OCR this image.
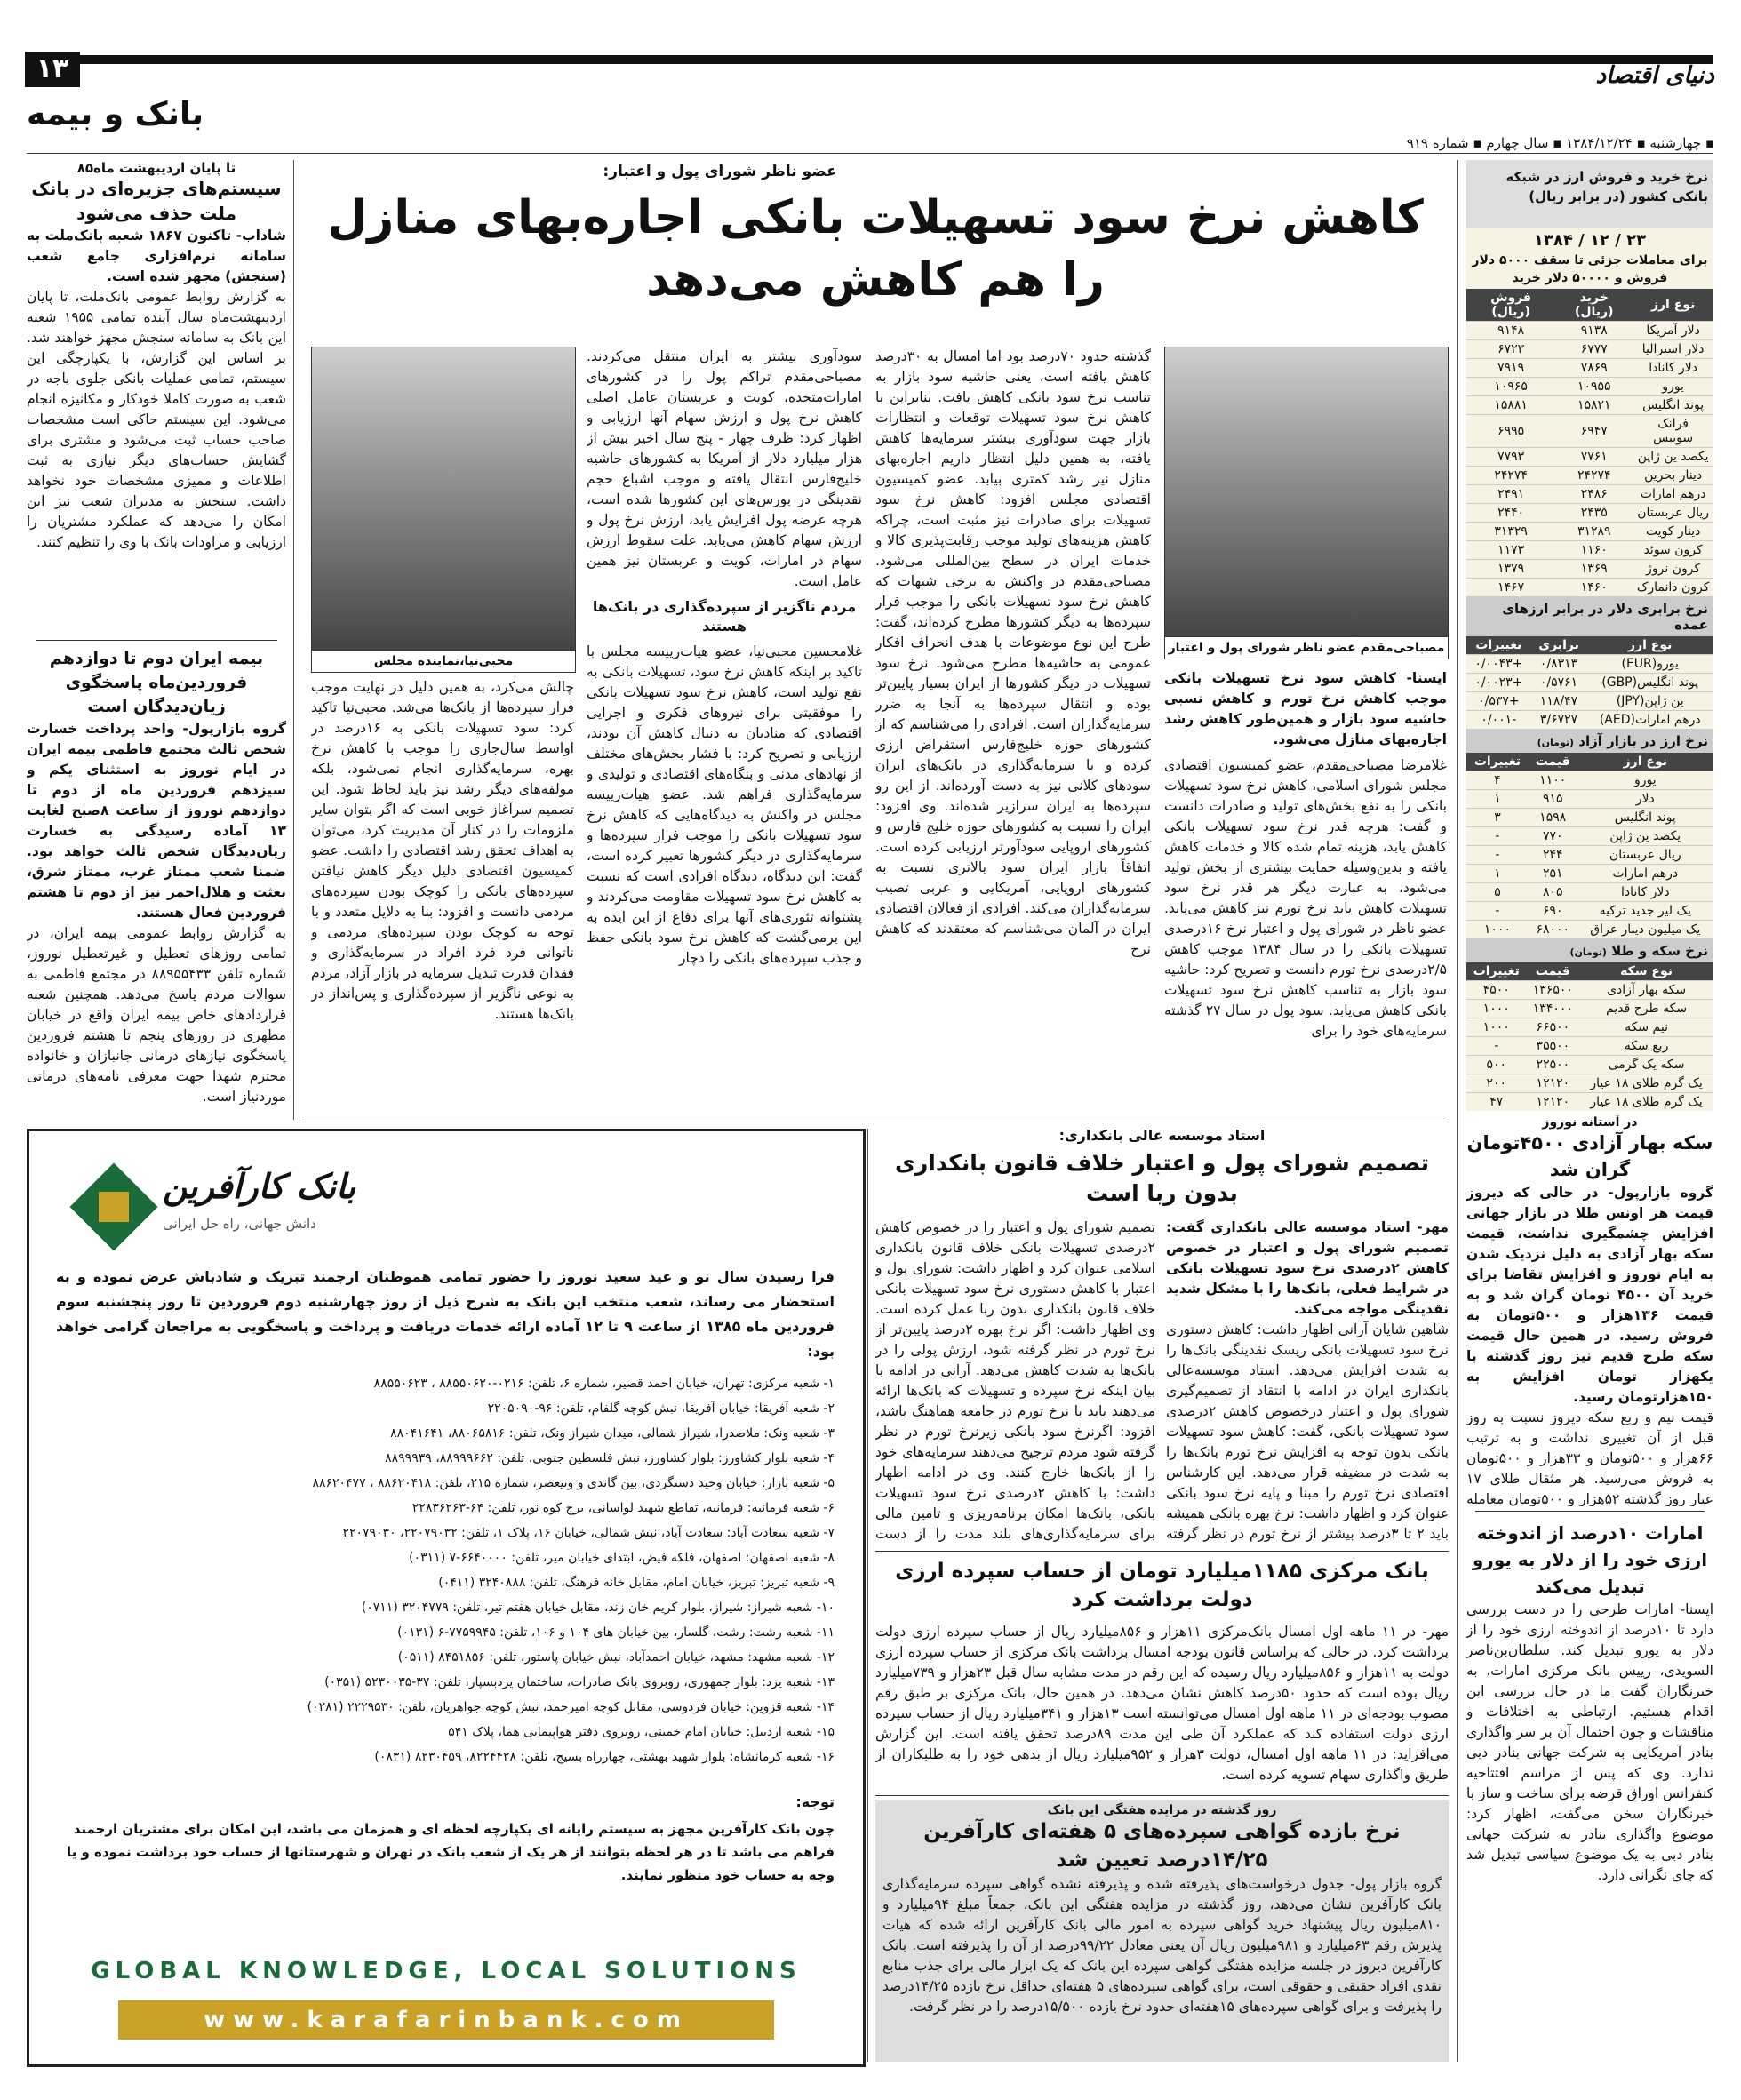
۱۳
بانک و بیمه
دنیای اقتصاد
▪ چهارشنبه ▪ ۱۳۸۴/۱۲/۲۴ ▪ سال چهارم ▪ شماره ۹۱۹
نرخ خرید و فروش ارز در شبکه بانکی کشور (در برابر ریال)
۲۳ / ۱۲ / ۱۳۸۴
برای معاملات جزئی تا سقف ۵۰۰۰ دلار فروش و ۵۰۰۰۰ دلار خرید
نوع ارز	خرید (ریال)	فروش (ریال)
دلار آمریکا	۹۱۳۸	۹۱۴۸
دلار استرالیا	۶۷۷۷	۶۷۲۳
دلار کانادا	۷۸۶۹	۷۹۱۹
یورو	۱۰۹۵۵	۱۰۹۶۵
پوند انگلیس	۱۵۸۲۱	۱۵۸۸۱
فرانک سوییس	۶۹۴۷	۶۹۹۵
یکصد ین ژاپن	۷۷۶۱	۷۷۹۳
دینار بحرین	۲۴۲۷۴	۲۴۲۷۴
درهم امارات	۲۴۸۶	۲۴۹۱
ریال عربستان	۲۴۳۵	۲۴۴۰
دینار کویت	۳۱۲۸۹	۳۱۳۲۹
کرون سوئد	۱۱۶۰	۱۱۷۳
کرون نروژ	۱۳۶۹	۱۳۷۹
کرون دانمارک	۱۴۶۰	۱۴۶۷
نرخ برابری دلار در برابر ارزهای عمده
نوع ارز	برابری	تغییرات
یورو(EUR)	۰/۸۳۱۳	+۰/۰۰۴۳
پوند انگلیس(GBP)	۰/۵۷۶۱	+۰/۰۰۲۳
ین ژاپن(JPY)	۱۱۸/۴۷	+۰/۵۳۷
درهم امارات(AED)	۳/۶۷۲۷	-۰/۰۰۱
نرخ ارز در بازار آزاد (تومان)
نوع ارز	قیمت	تغییرات
یورو	۱۱۰۰	۴
دلار	۹۱۵	۱
پوند انگلیس	۱۵۹۸	۳
یکصد ین ژاپن	۷۷۰	-
ریال عربستان	۲۴۴	-
درهم امارات	۲۵۱	۱
دلار کانادا	۸۰۵	۵
یک لیر جدید ترکیه	۶۹۰	-
یک میلیون دینار عراق	۶۸۰۰۰	۱۰۰۰
نرخ سکه و طلا (تومان)
نوع سکه	قیمت	تغییرات
سکه بهار آزادی	۱۳۶۵۰۰	۴۵۰۰
سکه طرح قدیم	۱۳۴۰۰۰	۱۰۰۰
نیم سکه	۶۶۵۰۰	۱۰۰۰
ربع سکه	۳۵۵۰۰	-
سکه یک گرمی	۲۲۵۰۰	۵۰۰
یک گرم طلای ۱۸ عیار	۱۲۱۲۰	۲۰۰
یک گرم طلای ۱۸ عیار	۱۲۱۲۰	۴۷

در آستانه نوروز
سکه بهار آزادی ۴۵۰۰تومان گران شد
گروه بازارپول- در حالی که دیروز قیمت هر اونس طلا در بازار جهانی افزایش چشمگیری نداشت، قیمت سکه بهار آزادی به دلیل نزدیک شدن به ایام نوروز و افزایش تقاضا برای خرید آن ۴۵۰۰ تومان گران شد و به قیمت ۱۳۶هزار و ۵۰۰تومان به فروش رسید. در همین حال قیمت سکه طرح قدیم نیز روز گذشته با یکهزار تومان افزایش به ۱۵۰هزارتومان رسید.
قیمت نیم و ربع سکه دیروز نسبت به روز قبل از آن تغییری نداشت و به ترتیب ۶۶هزار و ۵۰۰تومان و ۳۳هزار و ۵۰۰تومان به فروش می‌رسید. هر مثقال طلای ۱۷ عیار روز گذشته ۵۲هزار و ۵۰۰تومان معامله
امارات ۱۰درصد از اندوخته ارزی خود را از دلار به یورو تبدیل می‌کند
ایسنا- امارات طرحی را در دست بررسی دارد تا ۱۰درصد از اندوخته ارزی خود را از دلار به یورو تبدیل کند. سلطان‌بن‌ناصر السویدی، رییس بانک مرکزی امارات، به خبرنگاران گفت ما در حال بررسی این اقدام هستیم. ارتباطی به اختلافات و مناقشات و چون احتمال آن بر سر واگذاری بنادر آمریکایی به شرکت جهانی بنادر دبی ندارد. وی که پس از مراسم افتتاحیه کنفرانس اوراق قرضه برای ساخت و ساز با خبرنگاران سخن می‌گفت، اظهار کرد: موضوع واگذاری بنادر به شرکت جهانی بنادر دبی به یک موضوع سیاسی تبدیل شد که جای نگرانی دارد.
عضو ناظر شورای پول و اعتبار:
کاهش نرخ سود تسهیلات بانکی اجاره‌بهای منازل
را هم کاهش می‌دهد
مصباحی‌مقدم عضو ناظر شورای پول و اعتبار
ایسنا- کاهش سود نرخ تسهیلات بانکی موجب کاهش نرخ تورم و کاهش نسبی حاشیه سود بازار و همین‌طور کاهش رشد اجاره‌بهای منازل می‌شود.
غلامرضا مصباحی‌مقدم، عضو کمیسیون اقتصادی مجلس شورای اسلامی، کاهش نرخ سود تسهیلات بانکی را به نفع بخش‌های تولید و صادرات دانست و گفت: هرچه قدر نرخ سود تسهیلات بانکی کاهش یابد، هزینه تمام شده کالا و خدمات کاهش یافته و بدین‌وسیله حمایت بیشتری از بخش تولید می‌شود، به عبارت دیگر هر قدر نرخ سود تسهیلات کاهش یابد نرخ تورم نیز کاهش می‌یابد. عضو ناظر در شورای پول و اعتبار نرخ ۱۶درصدی تسهیلات بانکی را در سال ۱۳۸۴ موجب کاهش ۲/۵درصدی نرخ تورم دانست و تصریح کرد: حاشیه سود بازار به تناسب کاهش نرخ سود تسهیلات بانکی کاهش می‌یابد. سود پول در سال ۲۷ گذشته سرمایه‌های خود را برای
گذشته حدود ۷۰درصد بود اما امسال به ۳۰درصد کاهش یافته است، یعنی حاشیه سود بازار به تناسب نرخ سود بانکی کاهش یافت. بنابراین با کاهش نرخ سود تسهیلات توقعات و انتظارات بازار جهت سودآوری بیشتر سرمایه‌ها کاهش یافته، به همین دلیل انتظار داریم اجاره‌بهای منازل نیز رشد کمتری بیابد. عضو کمیسیون اقتصادی مجلس افزود: کاهش نرخ سود تسهیلات برای صادرات نیز مثبت است، چراکه کاهش هزینه‌های تولید موجب رقابت‌پذیری کالا و خدمات ایران در سطح بین‌المللی می‌شود. مصباحی‌مقدم در واکنش به برخی شبهات که کاهش نرخ سود تسهیلات بانکی را موجب فرار سپرده‌ها به دیگر کشورها مطرح کرده‌اند، گفت: طرح این نوع موضوعات با هدف انحراف افکار عمومی به حاشیه‌ها مطرح می‌شود. نرخ سود تسهیلات در دیگر کشورها از ایران بسیار پایین‌تر بوده و انتقال سپرده‌ها به آنجا به ضرر سرمایه‌گذاران است. افرادی را می‌شناسم که از کشورهای حوزه خلیج‌فارس استقراض ارزی کرده و با سرمایه‌گذاری در بانک‌های ایران سودهای کلانی نیز به دست آورده‌اند. از این رو سپرده‌ها به ایران سرازیر شده‌اند. وی افزود: ایران را نسبت به کشورهای حوزه خلیج فارس و کشورهای اروپایی سودآورتر ارزیابی کرده است. اتفاقاً بازار ایران سود بالاتری نسبت به کشورهای اروپایی، آمریکایی و عربی تصیب سرمایه‌گذاران می‌کند. افرادی از فعالان اقتصادی ایران در آلمان می‌شناسم که معتقدند که کاهش نرخ
سودآوری بیشتر به ایران منتقل می‌کردند. مصباحی‌مقدم تراکم پول را در کشورهای امارات‌متحده، کویت و عربستان عامل اصلی کاهش نرخ پول و ارزش سهام آنها ارزیابی و اظهار کرد: ظرف چهار - پنج سال اخیر بیش از هزار میلیارد دلار از آمریکا به کشورهای حاشیه خلیج‌فارس انتقال یافته و موجب اشباع حجم نقدینگی در بورس‌های این کشورها شده است، هرچه عرضه پول افزایش یابد، ارزش نرخ پول و ارزش سهام کاهش می‌یابد. علت سقوط ارزش سهام در امارات، کویت و عربستان نیز همین عامل است.
مردم ناگزیر از سپرده‌گذاری در بانک‌ها هستند
غلامحسین محبی‌نیا، عضو هیات‌رییسه مجلس با تاکید بر اینکه کاهش نرخ سود، تسهیلات بانکی به نفع تولید است، کاهش نرخ سود تسهیلات بانکی را موفقیتی برای نیروهای فکری و اجرایی اقتصادی که منادیان به دنبال کاهش آن بودند، ارزیابی و تصریح کرد: با فشار بخش‌های مختلف از نهادهای مدنی و بنگاه‌های اقتصادی و تولیدی و سرمایه‌گذاری فراهم شد. عضو هیات‌رییسه مجلس در واکنش به دیدگاه‌هایی که کاهش نرخ سود تسهیلات بانکی را موجب فرار سپرده‌ها و سرمایه‌گذاری در دیگر کشورها تعبیر کرده است، گفت: این دیدگاه، دیدگاه افرادی است که نسبت به کاهش نرخ سود تسهیلات مقاومت می‌کردند و پشتوانه تئوری‌های آنها برای دفاع از این ایده به این برمی‌گشت که کاهش نرخ سود بانکی حفظ و جذب سپرده‌های بانکی را دچار
محبی‌نیا،نماینده مجلس
چالش می‌کرد، به همین دلیل در نهایت موجب فرار سپرده‌ها از بانک‌ها می‌شد. محبی‌نیا تاکید کرد: سود تسهیلات بانکی به ۱۶درصد در اواسط سال‌جاری را موجب با کاهش نرخ بهره، سرمایه‌گذاری انجام نمی‌شود، بلکه مولفه‌های دیگر رشد نیز باید لحاظ شود. این تصمیم سرآغاز خوبی است که اگر بتوان سایر ملزومات را در کنار آن مدیریت کرد، می‌توان به اهداف تحقق رشد اقتصادی را داشت. عضو کمیسیون اقتصادی دلیل دیگر کاهش نیافتن سپرده‌های بانکی را کوچک بودن سپرده‌های مردمی دانست و افزود: بنا به دلایل متعدد و با توجه به کوچک بودن سپرده‌های مردمی و ناتوانی فرد فرد افراد در سرمایه‌گذاری و فقدان قدرت تبدیل سرمایه در بازار آزاد، مردم به نوعی ناگزیر از سپرده‌گذاری و پس‌انداز در بانک‌ها هستند.
تا پایان اردیبهشت ماه۸۵
سیستم‌های جزیره‌ای در بانک ملت حذف می‌شود
شاداب- تاکنون ۱۸۶۷ شعبه بانک‌ملت به سامانه نرم‌افزاری جامع شعب (سنجش) مجهز شده است.
به گزارش روابط عمومی بانک‌ملت، تا پایان اردیبهشت‌ماه سال آینده تمامی ۱۹۵۵ شعبه این بانک به سامانه سنجش مجهز خواهند شد. بر اساس این گزارش، با یکپارچگی این سیستم، تمامی عملیات بانکی جلوی باجه در شعب به صورت کاملا خودکار و مکانیزه انجام می‌شود. این سیستم حاکی است مشخصات صاحب حساب ثبت می‌شود و مشتری برای گشایش حساب‌های دیگر نیازی به ثبت اطلاعات و ممیزی مشخصات خود نخواهد داشت. سنجش به مدیران شعب نیز این امکان را می‌دهد که عملکرد مشتریان را ارزیابی و مراودات بانک با وی را تنظیم کنند.
بیمه ایران دوم تا دوازدهم فروردین‌ماه پاسخگوی زیان‌دیدگان است
گروه بازارپول- واحد پرداخت خسارت شخص ثالث مجتمع فاطمی بیمه ایران در ایام نوروز به استثنای یکم و سیزدهم فروردین ماه از دوم تا دوازدهم نوروز از ساعت ۸صبح لغایت ۱۳ آماده رسیدگی به خسارت زیان‌دیدگان شخص ثالث خواهد بود. ضمنا شعب ممتاز غرب، ممتاز شرق، بعثت و هلال‌احمر نیز از دوم تا هشتم فروردین فعال هستند.
به گزارش روابط عمومی بیمه ایران، در تمامی روزهای تعطیل و غیرتعطیل نوروز، شماره تلفن ۸۸۹۵۵۴۳۳ در مجتمع فاطمی به سوالات مردم پاسخ می‌دهد. همچنین شعبه قراردادهای خاص بیمه ایران واقع در خیابان مطهری در روزهای پنجم تا هشتم فروردین پاسخگوی نیازهای درمانی جانبازان و خانواده محترم شهدا جهت معرفی نامه‌های درمانی موردنیاز است.
بانک کارآفرین
دانش جهانی، راه حل ایرانی
فرا رسیدن سال نو و عید سعید نوروز را حضور تمامی هموطنان ارجمند تبریک و شادباش عرض نموده و به استحضار می رساند، شعب منتخب این بانک به شرح ذیل از روز چهارشنبه دوم فروردین تا روز پنجشنبه سوم فروردین ماه ۱۳۸۵ از ساعت ۹ تا ۱۲ آماده ارائه خدمات دریافت و پرداخت و پاسخگویی به مراجعان گرامی خواهد بود:
۱- شعبه مرکزی: تهران، خیابان احمد قصیر، شماره ۶، تلفن: ۰۲۱۶-۸۸۵۵۰۶۲۰ ، ۸۸۵۵۰۶۲۳
۲- شعبه آفریقا: خیابان آفریقا، نبش کوچه گلفام، تلفن: ۹۶-۲۲۰۵۰۹۰
۳- شعبه ونک: ملاصدرا، شیراز شمالی، میدان شیراز ونک، تلفن: ۸۸۰۶۵۸۱۶، ۸۸۰۴۱۶۴۱
۴- شعبه بلوار کشاورز: بلوار کشاورز، نبش فلسطین جنوبی، تلفن: ۸۸۹۹۹۶۶۲، ۸۸۹۹۹۳۹
۵- شعبه بازار: خیابان وحید دستگردی، بین گاندی و ونیعصر، شماره ۲۱۵، تلفن: ۸۸۶۲۰۴۱۸ ، ۸۸۶۲۰۴۷۷
۶- شعبه فرمانیه: فرمانیه، تقاطع شهید لواسانی، برج کوه نور، تلفن: ۶۴-۲۲۸۳۶۲۶۳
۷- شعبه سعادت آباد: سعادت آباد، نبش شمالی، خیابان ۱۶، پلاک ۱، تلفن: ۲۲۰۷۹۰۳۲، ۲۲۰۷۹۰۳۰
۸- شعبه اصفهان: اصفهان، فلکه فیض، ابتدای خیابان میر، تلفن: ۶۶۴۰۰۰۰-۷ (۰۳۱۱)
۹- شعبه تبریز: تبریز، خیابان امام، مقابل خانه فرهنگ، تلفن: ۳۲۴۰۸۸۸ (۰۴۱۱)
۱۰- شعبه شیراز: شیراز، بلوار کریم خان زند، مقابل خیابان هفتم تیر، تلفن: ۳۲۰۴۷۷۹ (۰۷۱۱)
۱۱- شعبه رشت: رشت، گلسار، بین خیابان های ۱۰۴ و ۱۰۶، تلفن: ۷۷۵۹۹۴۵-۶ (۰۱۳۱)
۱۲- شعبه مشهد: مشهد، خیابان احمدآباد، نبش خیابان پاستور، تلفن: ۸۴۵۱۸۵۶ (۰۵۱۱)
۱۳- شعبه یزد: بلوار جمهوری، روبروی بانک صادرات، ساختمان یزدبسپار، تلفن: ۳۷-۵۲۳۰۰۳۵ (۰۳۵۱)
۱۴- شعبه قزوین: خیابان فردوسی، مقابل کوچه امیرحمد، نبش کوچه جواهریان، تلفن: ۲۲۲۹۵۳۰ (۰۲۸۱)
۱۵- شعبه اردبیل: خیابان امام خمینی، روبروی دفتر هواپیمایی هما، پلاک ۵۴۱
۱۶- شعبه کرمانشاه: بلوار شهید بهشتی، چهارراه بسیج، تلفن: ۸۲۲۴۴۲۸، ۸۲۳۰۴۵۹ (۰۸۳۱)
توجه:
چون بانک کارآفرین مجهز به سیستم رایانه ای یکپارچه لحظه ای و همزمان می باشد، این امکان برای مشتریان ارجمند فراهم می باشد تا در هر لحظه بتوانند از هر یک از شعب بانک در تهران و شهرستانها از حساب خود برداشت نموده و یا وجه به حساب خود منظور نمایند.
GLOBAL KNOWLEDGE, LOCAL SOLUTIONS
www.karafarinbank.com
استاد موسسه عالی بانکداری:
تصمیم شورای پول و اعتبار خلاف قانون بانکداری بدون ربا است
مهر- استاد موسسه عالی بانکداری گفت: تصمیم شورای پول و اعتبار در خصوص کاهش ۲درصدی نرخ سود تسهیلات بانکی در شرایط فعلی، بانک‌ها را با مشکل شدید نقدینگی مواجه می‌کند.
شاهین شایان آرانی اظهار داشت: کاهش دستوری نرخ سود تسهیلات بانکی ریسک نقدینگی بانک‌ها را به شدت افزایش می‌دهد. استاد موسسه‌عالی بانکداری ایران در ادامه با انتقاد از تصمیم‌گیری شورای پول و اعتبار درخصوص کاهش ۲درصدی سود تسهیلات بانکی، گفت: کاهش سود تسهیلات بانکی بدون توجه به افزایش نرخ تورم بانک‌ها را به شدت در مضیقه قرار می‌دهد. این کارشناس اقتصادی نرخ تورم را مبنا و پایه نرخ سود بانکی عنوان کرد و اظهار داشت: نرخ بهره بانکی همیشه باید ۲ تا ۳درصد بیشتر از نرخ تورم در نظر گرفته
تصمیم شورای پول و اعتبار را در خصوص کاهش ۲درصدی تسهیلات بانکی خلاف قانون بانکداری اسلامی عنوان کرد و اظهار داشت: شورای پول و اعتبار با کاهش دستوری نرخ سود تسهیلات بانکی خلاف قانون بانکداری بدون ربا عمل کرده است. وی اظهار داشت: اگر نرخ بهره ۲درصد پایین‌تر از نرخ تورم در نظر گرفته شود، ارزش پولی را در بانک‌ها به شدت کاهش می‌دهد. آرانی در ادامه با بیان اینکه نرخ سپرده و تسهیلات که بانک‌ها ارائه می‌دهند باید با نرخ تورم در جامعه هماهنگ باشد، افزود: اگرنرخ سود بانکی زیرنرخ تورم در نظر گرفته شود مردم ترجیح می‌دهند سرمایه‌های خود را از بانک‌ها خارج کنند. وی در ادامه اظهار داشت: با کاهش ۲درصدی نرخ سود تسهیلات بانکی، بانک‌ها امکان برنامه‌ریزی و تامین مالی برای سرمایه‌گذاری‌های بلند مدت را از دست
بانک مرکزی ۱۱۸۵میلیارد تومان از حساب سپرده ارزی دولت برداشت کرد
مهر- در ۱۱ ماهه اول امسال بانک‌مرکزی ۱۱هزار و ۸۵۶میلیارد ریال از حساب سپرده ارزی دولت برداشت کرد. در حالی که براساس قانون بودجه امسال برداشت بانک مرکزی از حساب سپرده ارزی دولت به ۱۱هزار و ۸۵۶میلیارد ریال رسیده که این رقم در مدت مشابه سال قبل ۲۳هزار و ۷۳۹میلیارد ریال بوده است که حدود ۵۰درصد کاهش نشان می‌دهد. در همین حال، بانک مرکزی بر طبق رقم مصوب بودجه‌ای در ۱۱ ماهه اول امسال می‌توانسته است ۱۳هزار و ۳۴۱میلیارد ریال از حساب سپرده ارزی دولت استفاده کند که عملکرد آن طی این مدت ۸۹درصد تحقق یافته است. این گزارش می‌افزاید: در ۱۱ ماهه اول امسال، دولت ۳هزار و ۹۵۲میلیارد ریال از بدهی خود را به طلبکاران از طریق واگذاری سهام تسویه کرده است.
روز گذشته در مزایده هفتگی این بانک
نرخ بازده گواهی سپرده‌های ۵ هفته‌ای کارآفرین ۱۴/۲۵درصد تعیین شد
گروه بازار پول- جدول درخواست‌های پذیرفته شده و پذیرفته نشده گواهی سپرده سرمایه‌گذاری بانک کارآفرین نشان می‌دهد، روز گذشته در مزایده هفتگی این بانک، جمعاً مبلغ ۹۴میلیارد و ۸۱۰میلیون ریال پیشنهاد خرید گواهی سپرده به امور مالی بانک کارآفرین ارائه شده که هیات پذیرش رقم ۶۳میلیارد و ۹۸۱میلیون ریال آن یعنی معادل ۹۹/۲۲درصد از آن را پذیرفته است. بانک کارآفرین دیروز در جلسه مزایده هفتگی گواهی سپرده این بانک که یک ابزار مالی برای جذب منابع نقدی افراد حقیقی و حقوقی است، برای گواهی سپرده‌های ۵ هفته‌ای حداقل نرخ بازده ۱۴/۲۵درصد را پذیرفت و برای گواهی سپرده‌های ۱۵هفته‌ای حدود نرخ بازده ۱۵/۵۰۰درصد را در نظر گرفت.
